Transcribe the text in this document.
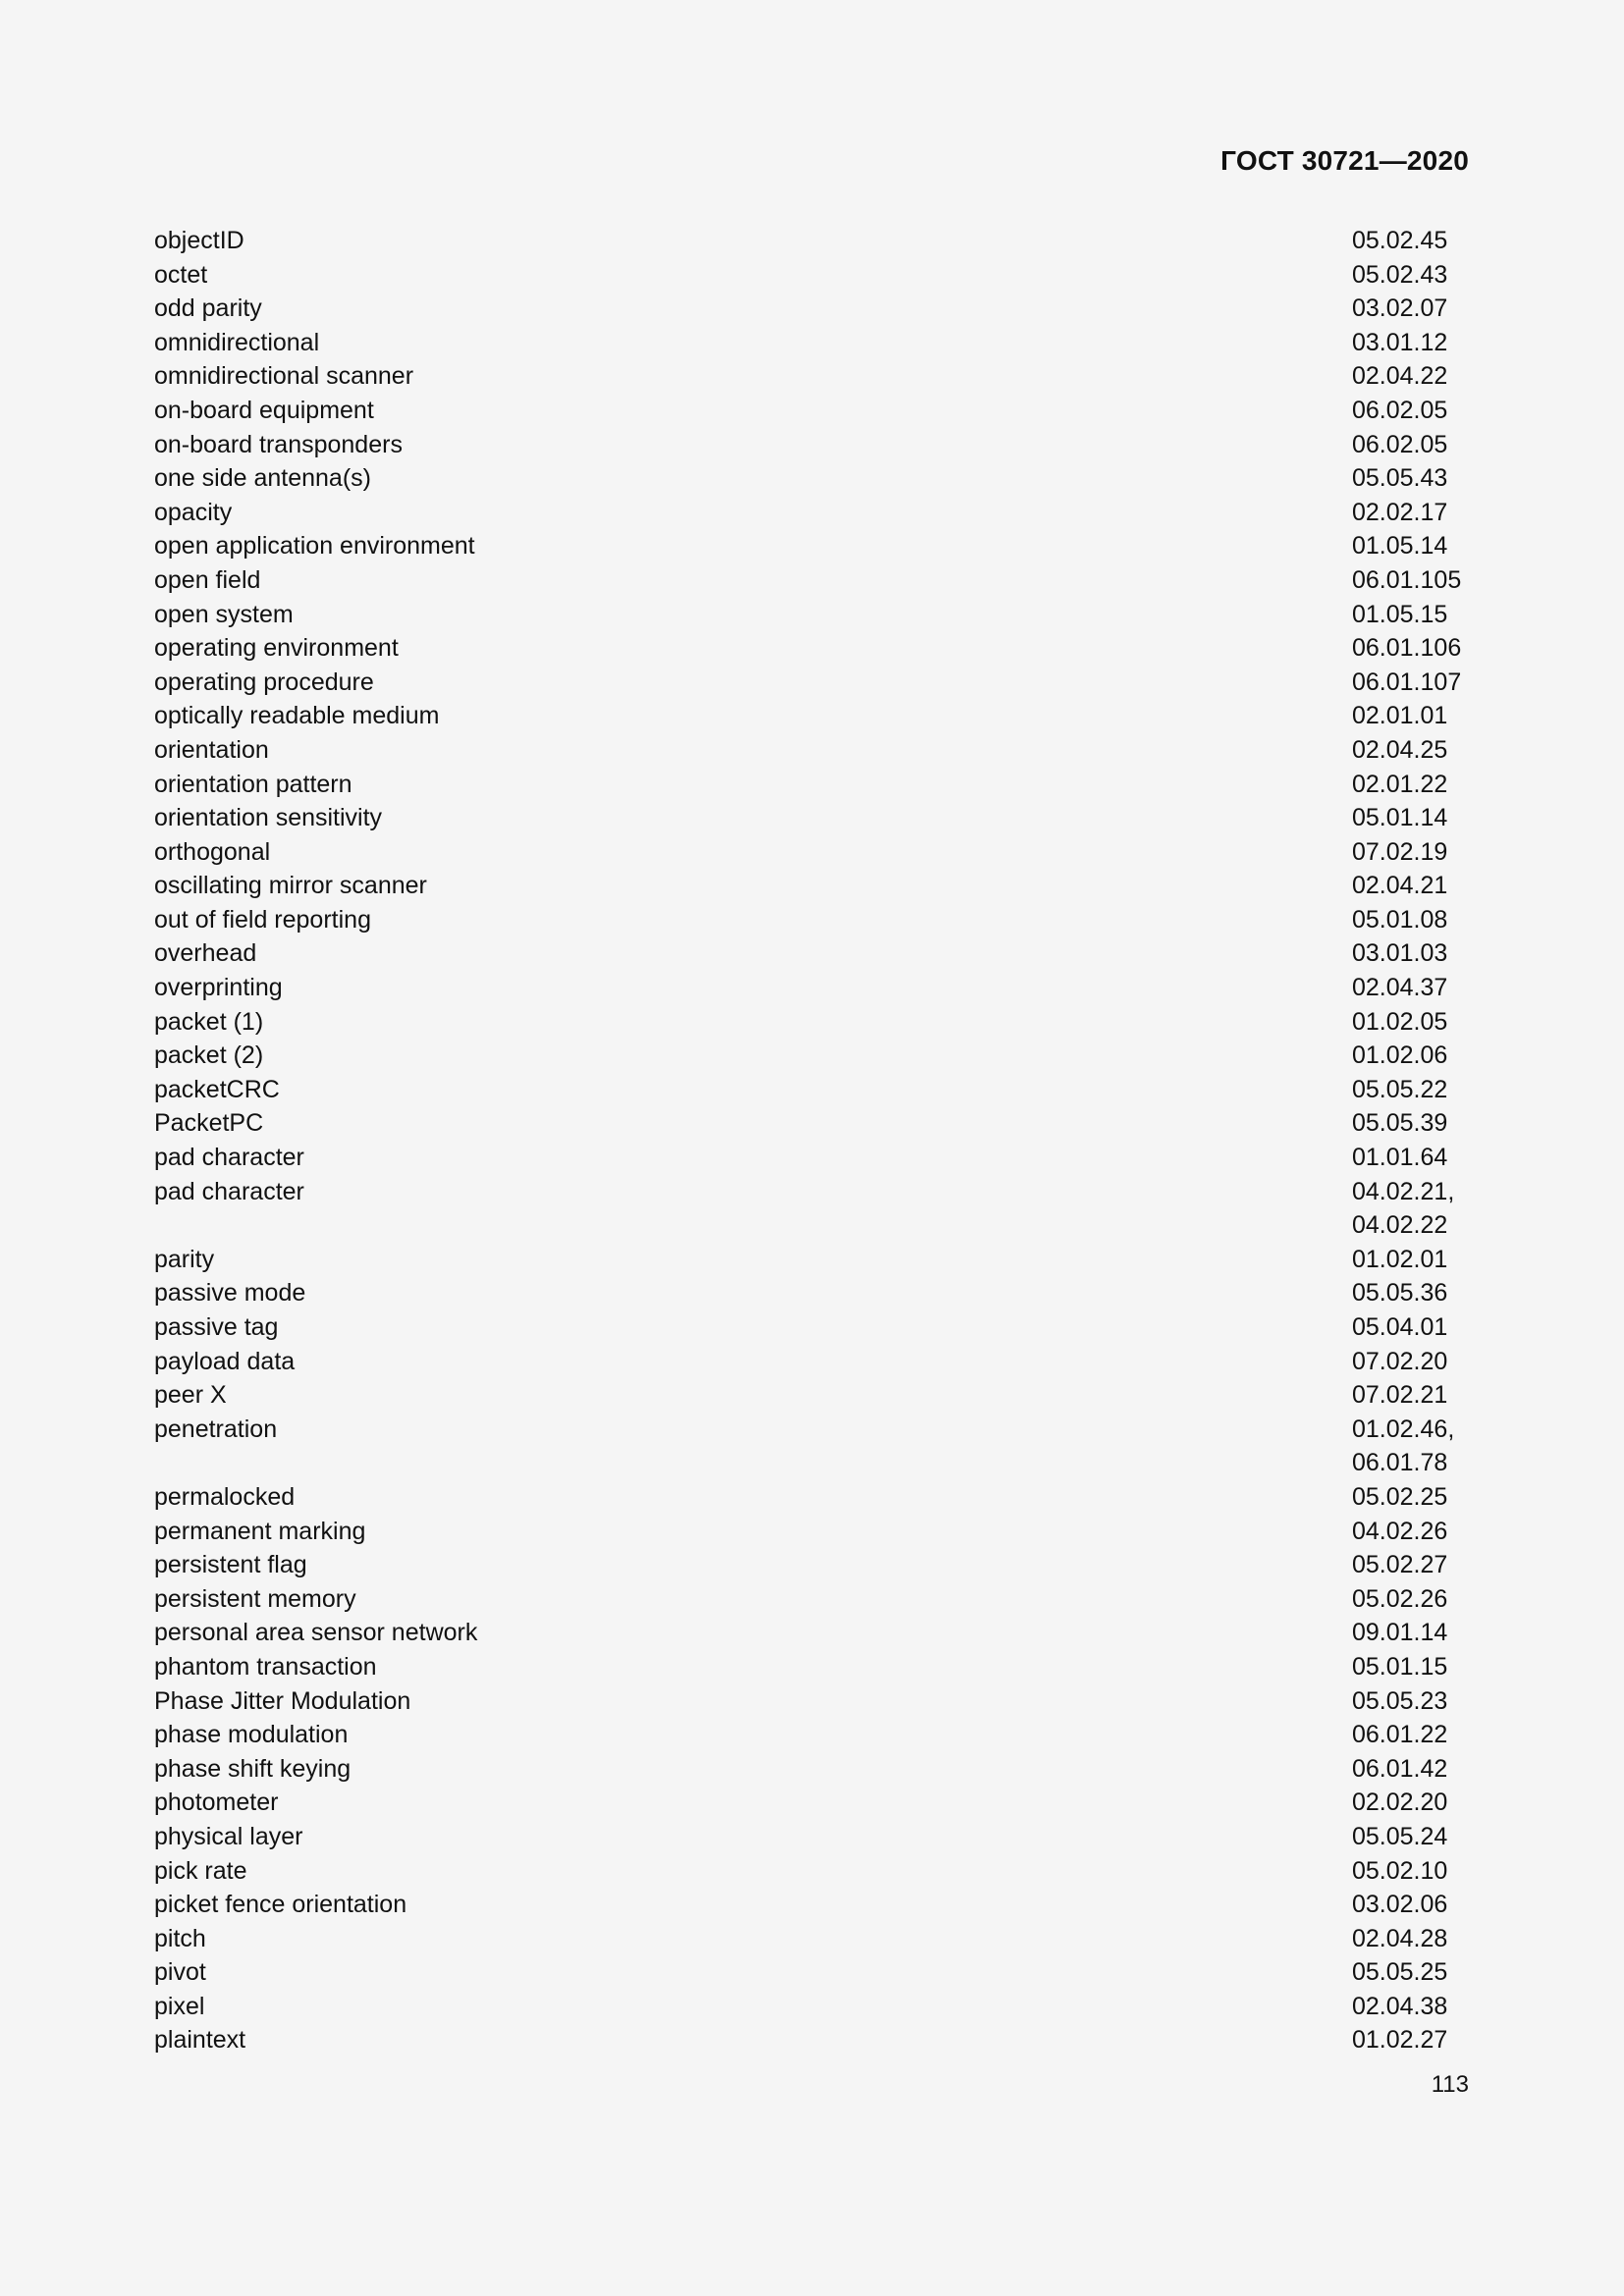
ГОСТ 30721—2020
objectID	05.02.45
octet	05.02.43
odd parity	03.02.07
omnidirectional	03.01.12
omnidirectional scanner	02.04.22
on-board equipment	06.02.05
on-board transponders	06.02.05
one side antenna(s)	05.05.43
opacity	02.02.17
open application environment	01.05.14
open field	06.01.105
open system	01.05.15
operating environment	06.01.106
operating procedure	06.01.107
optically readable medium	02.01.01
orientation	02.04.25
orientation pattern	02.01.22
orientation sensitivity	05.01.14
orthogonal	07.02.19
oscillating mirror scanner	02.04.21
out of field reporting	05.01.08
overhead	03.01.03
overprinting	02.04.37
packet (1)	01.02.05
packet (2)	01.02.06
packetCRC	05.05.22
PacketPC	05.05.39
pad character	01.01.64
pad character	04.02.21,
04.02.22
parity	01.02.01
passive mode	05.05.36
passive tag	05.04.01
payload data	07.02.20
peer X	07.02.21
penetration	01.02.46,
06.01.78
permalocked	05.02.25
permanent marking	04.02.26
persistent flag	05.02.27
persistent memory	05.02.26
personal area sensor network	09.01.14
phantom transaction	05.01.15
Phase Jitter Modulation	05.05.23
phase modulation	06.01.22
phase shift keying	06.01.42
photometer	02.02.20
physical layer	05.05.24
pick rate	05.02.10
picket fence orientation	03.02.06
pitch	02.04.28
pivot	05.05.25
pixel	02.04.38
plaintext	01.02.27
113
